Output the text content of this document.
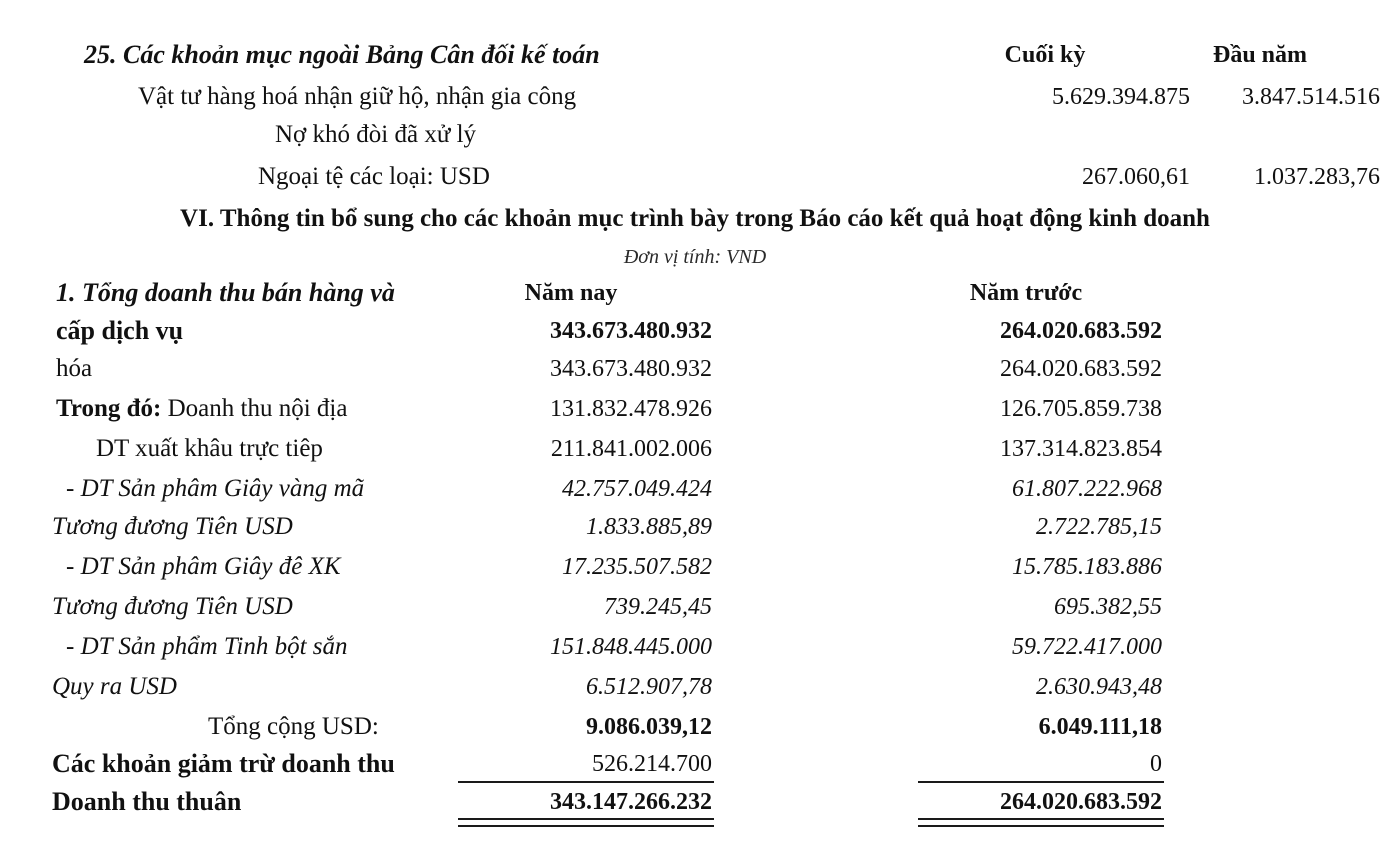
25. Các khoản mục ngoài Bảng Cân đối kế toán	Cuối kỳ	Đầu năm
Vật tư hàng hoá nhận giữ hộ, nhận gia công	5.629.394.875	3.847.514.516
Nợ khó đòi đã xử lý
Ngoại tệ các loại: USD	267.060,61	1.037.283,76
VI. Thông tin bổ sung cho các khoản mục trình bày trong Báo cáo kết quả hoạt động kinh doanh
Đơn vị tính: VND
1. Tổng doanh thu bán hàng và	Năm nay	Năm trước
cấp dịch vụ	343.673.480.932	264.020.683.592
hóa	343.673.480.932	264.020.683.592
Trong đó: Doanh thu nội địa	131.832.478.926	126.705.859.738
DT xuất khâu trực tiêp	211.841.002.006	137.314.823.854
- DT Sản phâm Giây vàng mã	42.757.049.424	61.807.222.968
Tương đương Tiên USD	1.833.885,89	2.722.785,15
- DT Sản phâm Giây đê XK	17.235.507.582	15.785.183.886
Tương đương Tiên USD	739.245,45	695.382,55
- DT Sản phẩm Tinh bột sắn	151.848.445.000	59.722.417.000
Quy ra USD	6.512.907,78	2.630.943,48
Tổng cộng USD:	9.086.039,12	6.049.111,18
Các khoản giảm trừ doanh thu	526.214.700	0
Doanh thu thuân	343.147.266.232	264.020.683.592
